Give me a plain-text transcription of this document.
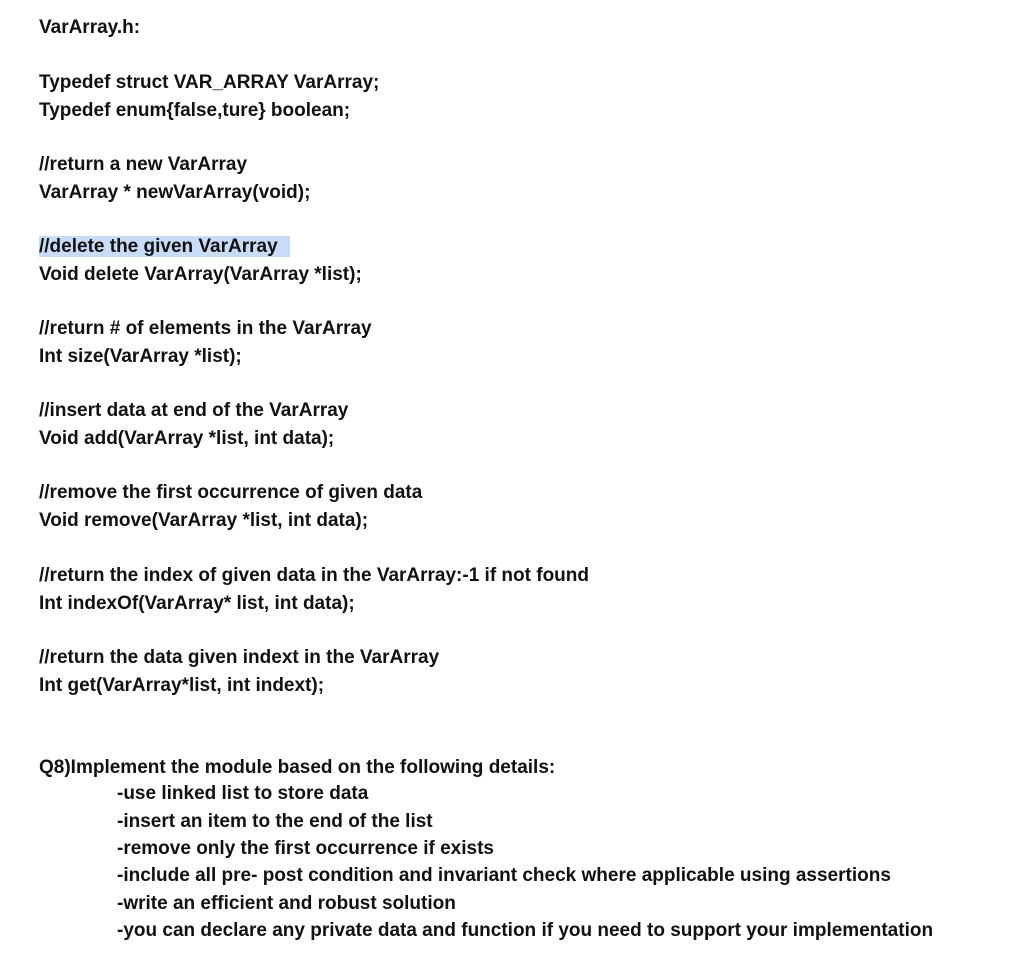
VarArray.h:
Typedef struct VAR_ARRAY VarArray;
Typedef enum{false,ture} boolean;
//return a new VarArray
VarArray * newVarArray(void);
//delete the given VarArray
Void delete VarArray(VarArray *list);
//return # of elements in the VarArray
Int size(VarArray *list);
//insert data at end of the VarArray
Void add(VarArray *list, int data);
//remove the first occurrence of given data
Void remove(VarArray *list, int data);
//return the index of given data in the VarArray:-1 if not found
Int indexOf(VarArray* list, int data);
//return the data given indext in the VarArray
Int get(VarArray*list, int indext);
Q8)Implement the module based on the following details:
-use linked list to store data
-insert an item to the end of the list
-remove only the first occurrence if exists
-include all pre- post condition and invariant check where applicable using assertions
-write an efficient and robust solution
-you can declare any private data and function if you need to support your implementation
